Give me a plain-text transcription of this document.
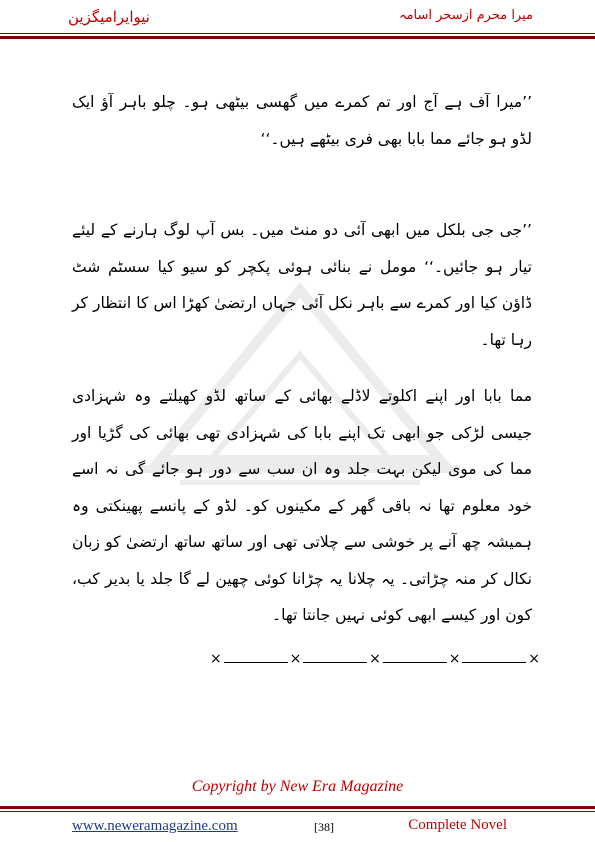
نیوایرامیگزین	میرا محرم ازسحر اسامہ
’’میرا آف ہے آج اور تم کمرے میں گھسی بیٹھی ہو۔ چلو باہر آؤ ایک لڈو ہو جائے مما بابا بھی فری بیٹھے ہیں۔‘‘
’’جی جی بلکل میں ابھی آئی دو منٹ میں۔ بس آپ لوگ ہارنے کے لیئے تیار ہو جائیں۔‘‘ مومل نے بنائی ہوئی پکچر کو سیو کیا سسٹم شٹ ڈاؤن کیا اور کمرے سے باہر نکل آئی جہاں ارتضیٰ کھڑا اس کا انتظار کر رہا تھا۔
مما بابا اور اپنے اکلوتے لاڈلے بھائی کے ساتھ لڈو کھیلتے وہ شہزادی جیسی لڑکی جو ابھی تک اپنے بابا کی شہزادی تھی بھائی کی گڑیا اور مما کی موی لیکن بہت جلد وہ ان سب سے دور ہو جائے گی نہ اسے خود معلوم تھا نہ باقی گھر کے مکینوں کو۔ لڈو کے پانسے پھینکتی وہ ہمیشہ چھ آنے پر خوشی سے چلاتی تھی اور ساتھ ساتھ ارتضیٰ کو زبان نکال کر منہ چڑاتی۔ یہ چلانا یہ چڑانا کوئی چھین لے گا جلد یا بدیر کب، کون اور کیسے ابھی کوئی نہیں جانتا تھا۔
×	×	×	×	×
Copyright by New Era Magazine
www.neweramagazine.com	[38]	Complete Novel
